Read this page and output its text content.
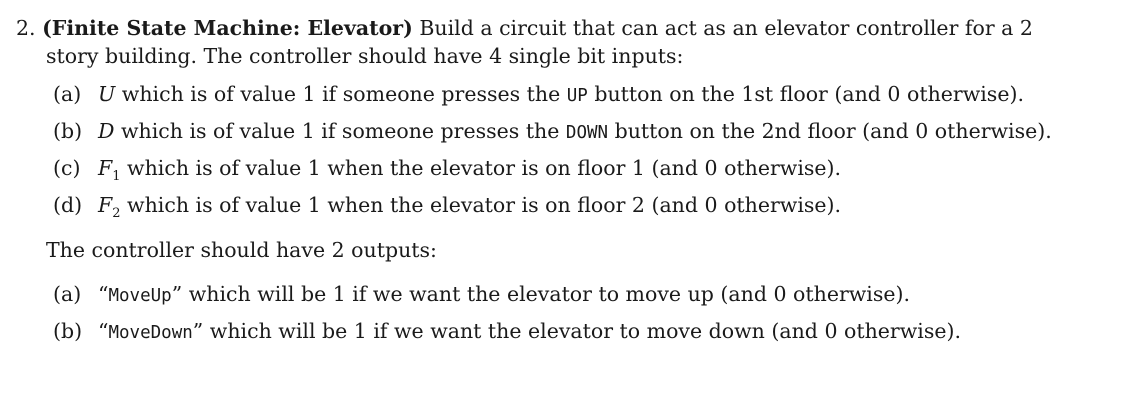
2. (Finite State Machine: Elevator) Build a circuit that can act as an elevator controller for a 2
story building. The controller should have 4 single bit inputs:
(a) U which is of value 1 if someone presses the UP button on the 1st floor (and 0 otherwise).
(b) D which is of value 1 if someone presses the DOWN button on the 2nd floor (and 0 otherwise).
(c) $F_1$ which is of value 1 when the elevator is on floor 1 (and 0 otherwise).
(d) $F_2$ which is of value 1 when the elevator is on floor 2 (and 0 otherwise).
The controller should have 2 outputs:
(a) “MoveUp” which will be 1 if we want the elevator to move up (and 0 otherwise).
(b) “MoveDown” which will be 1 if we want the elevator to move down (and 0 otherwise).
